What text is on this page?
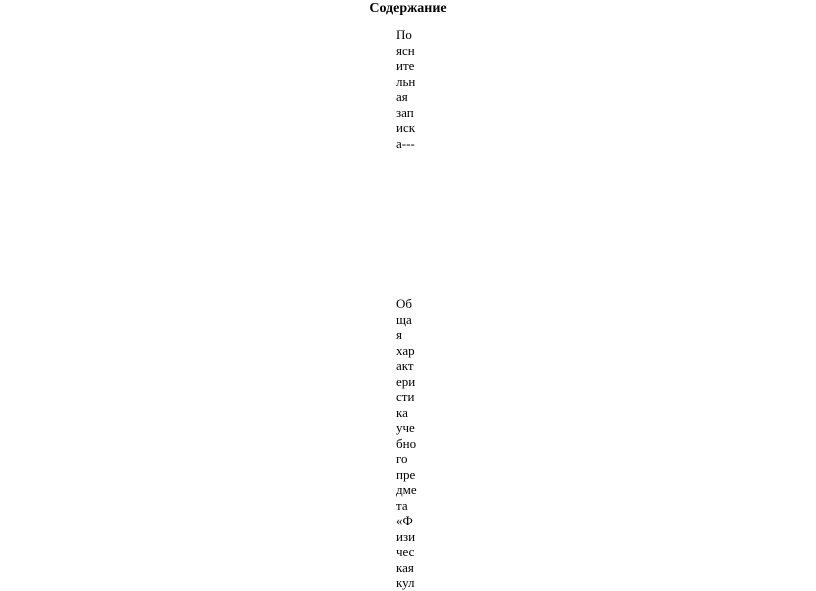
Содержание
По
ясн
ите
льн
ая
зап
иск
а---
Об
ща
я
хар
акт
ери
сти
ка
уче
бно
го
пре
дме
та
«Ф
изи
чес
кая
кул
